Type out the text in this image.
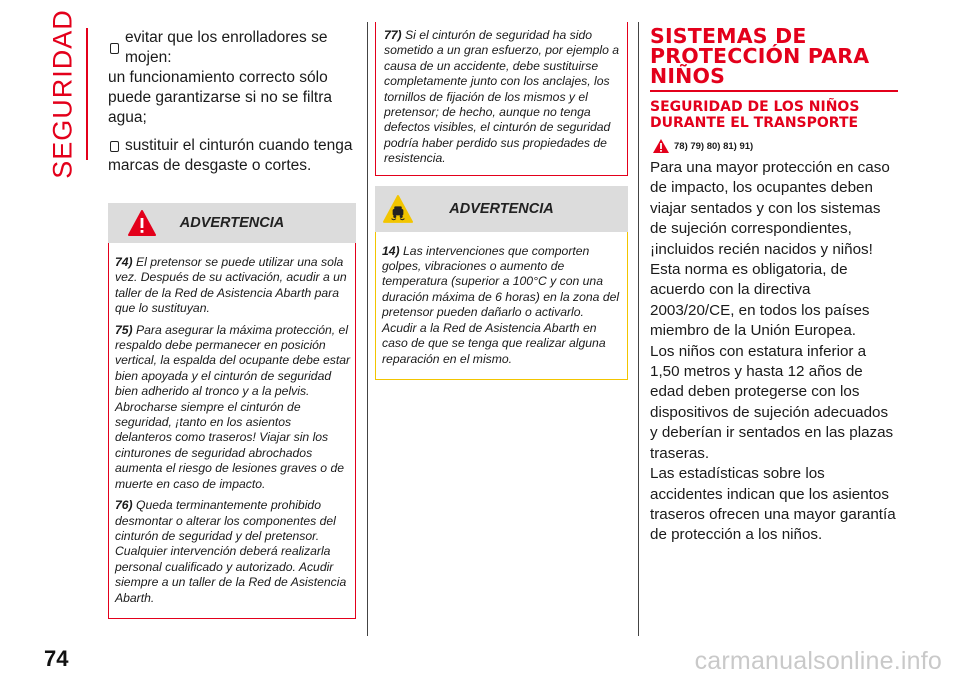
SEGURIDAD	evitar que los enrolladores se mojen:
un funcionamiento correcto sólo puede garantizarse si no se filtra agua;
sustituir el cinturón cuando tenga
marcas de desgaste o cortes.
ADVERTENCIA

74) El pretensor se puede utilizar una sola vez. Después de su activación, acudir a un taller de la Red de Asistencia Abarth para que lo sustituyan.

75) Para asegurar la máxima protección, el respaldo debe permanecer en posición vertical, la espalda del ocupante debe estar bien apoyada y el cinturón de seguridad bien adherido al tronco y a la pelvis. Abrocharse siempre el cinturón de seguridad, ¡tanto en los asientos delanteros como traseros! Viajar sin los cinturones de seguridad abrochados aumenta el riesgo de lesiones graves o de muerte en caso de impacto.

76) Queda terminantemente prohibido desmontar o alterar los componentes del cinturón de seguridad y del pretensor. Cualquier intervención deberá realizarla personal cualificado y autorizado. Acudir siempre a un taller de la Red de Asistencia Abarth.

77) Si el cinturón de seguridad ha sido sometido a un gran esfuerzo, por ejemplo a causa de un accidente, debe sustituirse completamente junto con los anclajes, los tornillos de fijación de los mismos y el pretensor; de hecho, aunque no tenga defectos visibles, el cinturón de seguridad podría haber perdido sus propiedades de resistencia.

ADVERTENCIA

14) Las intervenciones que comporten golpes, vibraciones o aumento de temperatura (superior a 100°C y con una duración máxima de 6 horas) en la zona del pretensor pueden dañarlo o activarlo. Acudir a la Red de Asistencia Abarth en caso de que se tenga que realizar alguna reparación en el mismo.

SISTEMAS DE PROTECCIÓN PARA NIÑOS
SEGURIDAD DE LOS NIÑOS DURANTE EL TRANSPORTE
78) 79) 80) 81) 91)

Para una mayor protección en caso de impacto, los ocupantes deben viajar sentados y con los sistemas de sujeción correspondientes, ¡incluidos recién nacidos y niños!

Esta norma es obligatoria, de acuerdo con la directiva 2003/20/CE, en todos los países miembro de la Unión Europea.

Los niños con estatura inferior a 1,50 metros y hasta 12 años de edad deben protegerse con los dispositivos de sujeción adecuados y deberían ir sentados en las plazas traseras.

Las estadísticas sobre los accidentes indican que los asientos traseros ofrecen una mayor garantía de protección a los niños.

74	carmanualsonline.info
